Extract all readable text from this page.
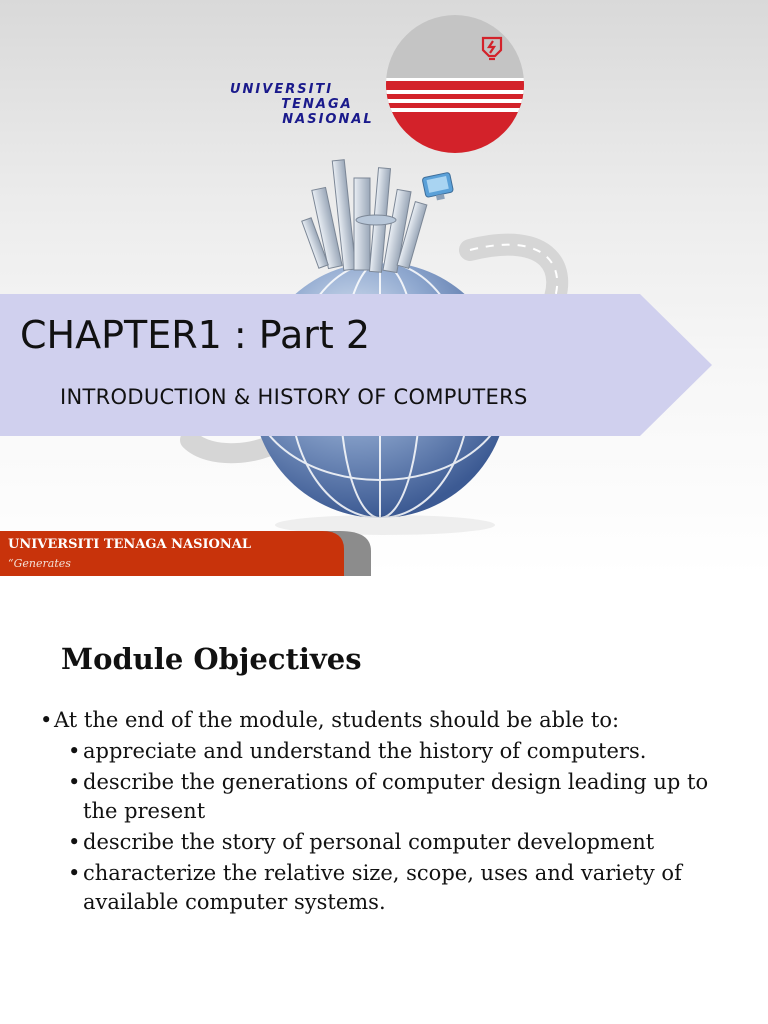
UNIVERSITI
TENAGA
NASIONAL
CHAPTER1 : Part 2

INTRODUCTION & HISTORY OF COMPUTERS

UNIVERSITI TENAGA NASIONAL

“Generates

Module Objectives
• At the end of the module, students should be able to:
• appreciate and understand the history of computers.
• describe the generations of computer design leading up to the present
• describe the story of personal computer development
• characterize the relative size, scope, uses and variety of available computer systems.
